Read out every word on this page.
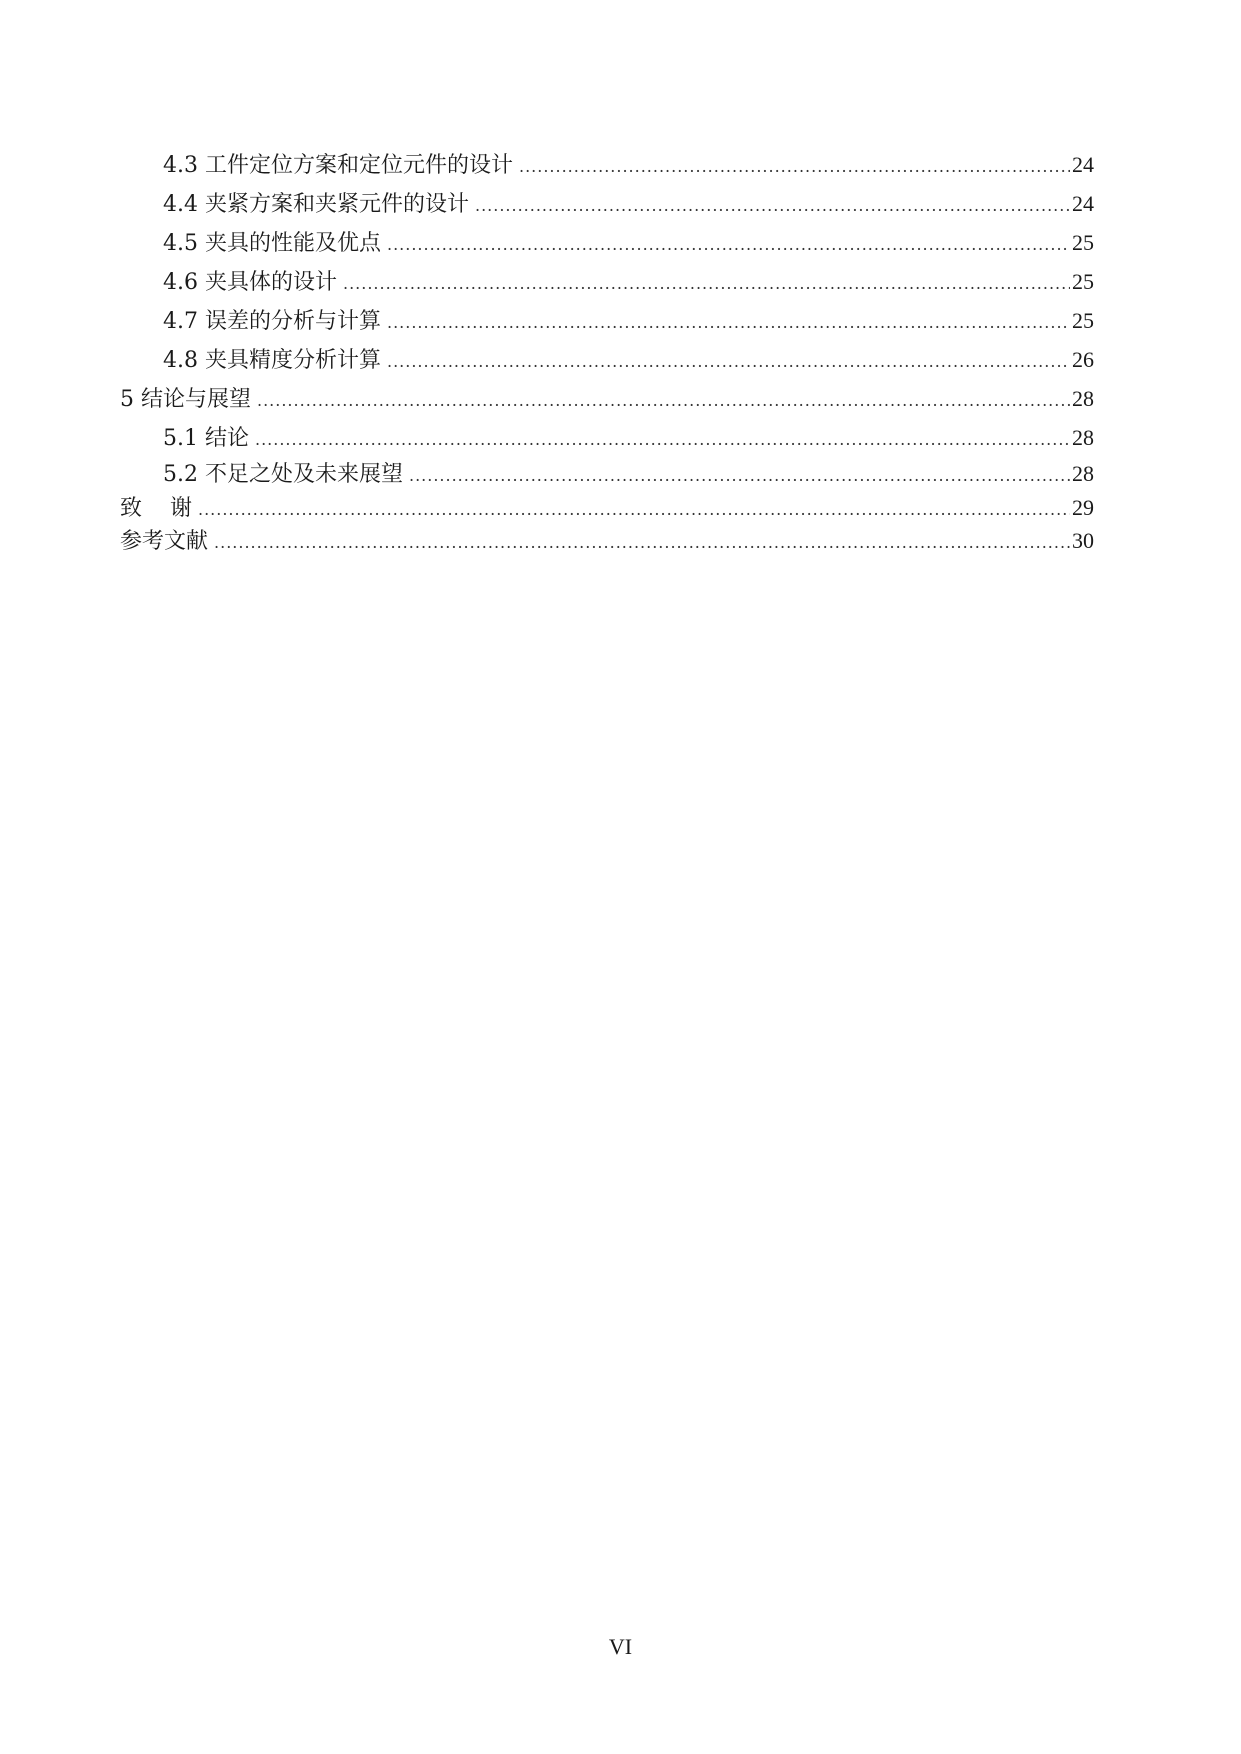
4.3 工件定位方案和定位元件的设计 .....	24
4.4 夹紧方案和夹紧元件的设计 .....	24
4.5 夹具的性能及优点 .....	25
4.6 夹具体的设计 .....	25
4.7 误差的分析与计算 .....	25
4.8 夹具精度分析计算 .....	26
5 结论与展望 .....	28
5.1 结论 .....	28
5.2 不足之处及未来展望 .....	28
致    谢 .....	29
参考文献 .....	30
VI
